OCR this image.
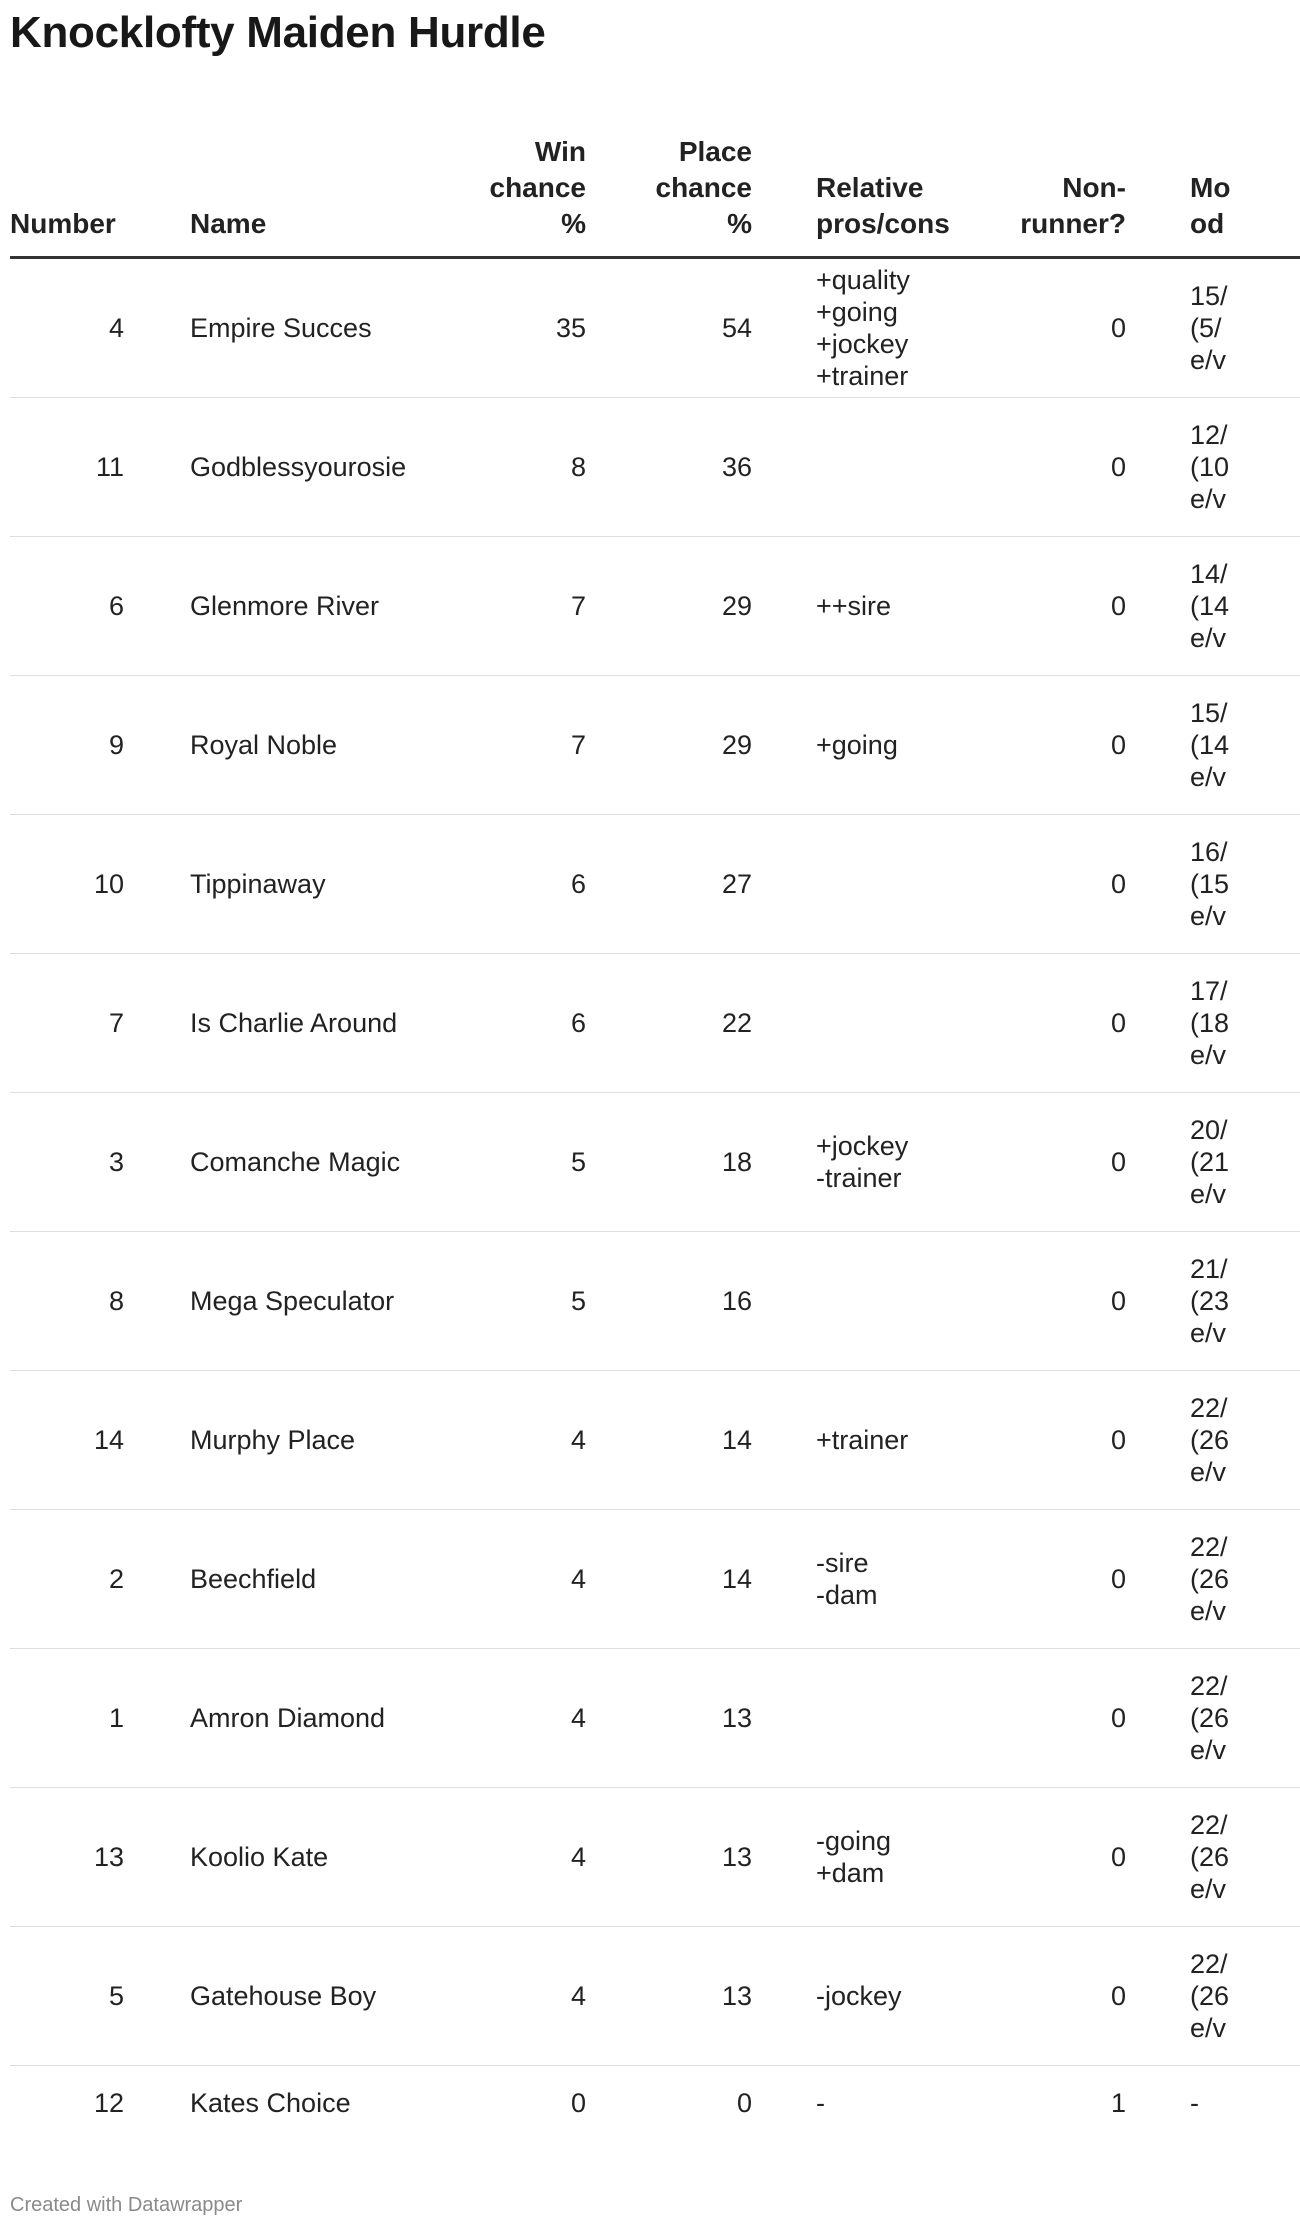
Knocklofty Maiden Hurdle
Number	Name	Win
chance
%	Place
chance
%	Relative
pros/cons	Non-
runner?	Mo
od
4	Empire Succes	35	54	+quality
+going
+jockey
+trainer	0	15/
(5/
e/v
11	Godblessyourosie	8	36		0	12/
(10
e/v
6	Glenmore River	7	29	++sire	0	14/
(14
e/v
9	Royal Noble	7	29	+going	0	15/
(14
e/v
10	Tippinaway	6	27		0	16/
(15
e/v
7	Is Charlie Around	6	22		0	17/
(18
e/v
3	Comanche Magic	5	18	+jockey
-trainer	0	20/
(21
e/v
8	Mega Speculator	5	16		0	21/
(23
e/v
14	Murphy Place	4	14	+trainer	0	22/
(26
e/v
2	Beechfield	4	14	-sire
-dam	0	22/
(26
e/v
1	Amron Diamond	4	13		0	22/
(26
e/v
13	Koolio Kate	4	13	-going
+dam	0	22/
(26
e/v
5	Gatehouse Boy	4	13	-jockey	0	22/
(26
e/v
12	Kates Choice	0	0	-	1	-
Created with Datawrapper
